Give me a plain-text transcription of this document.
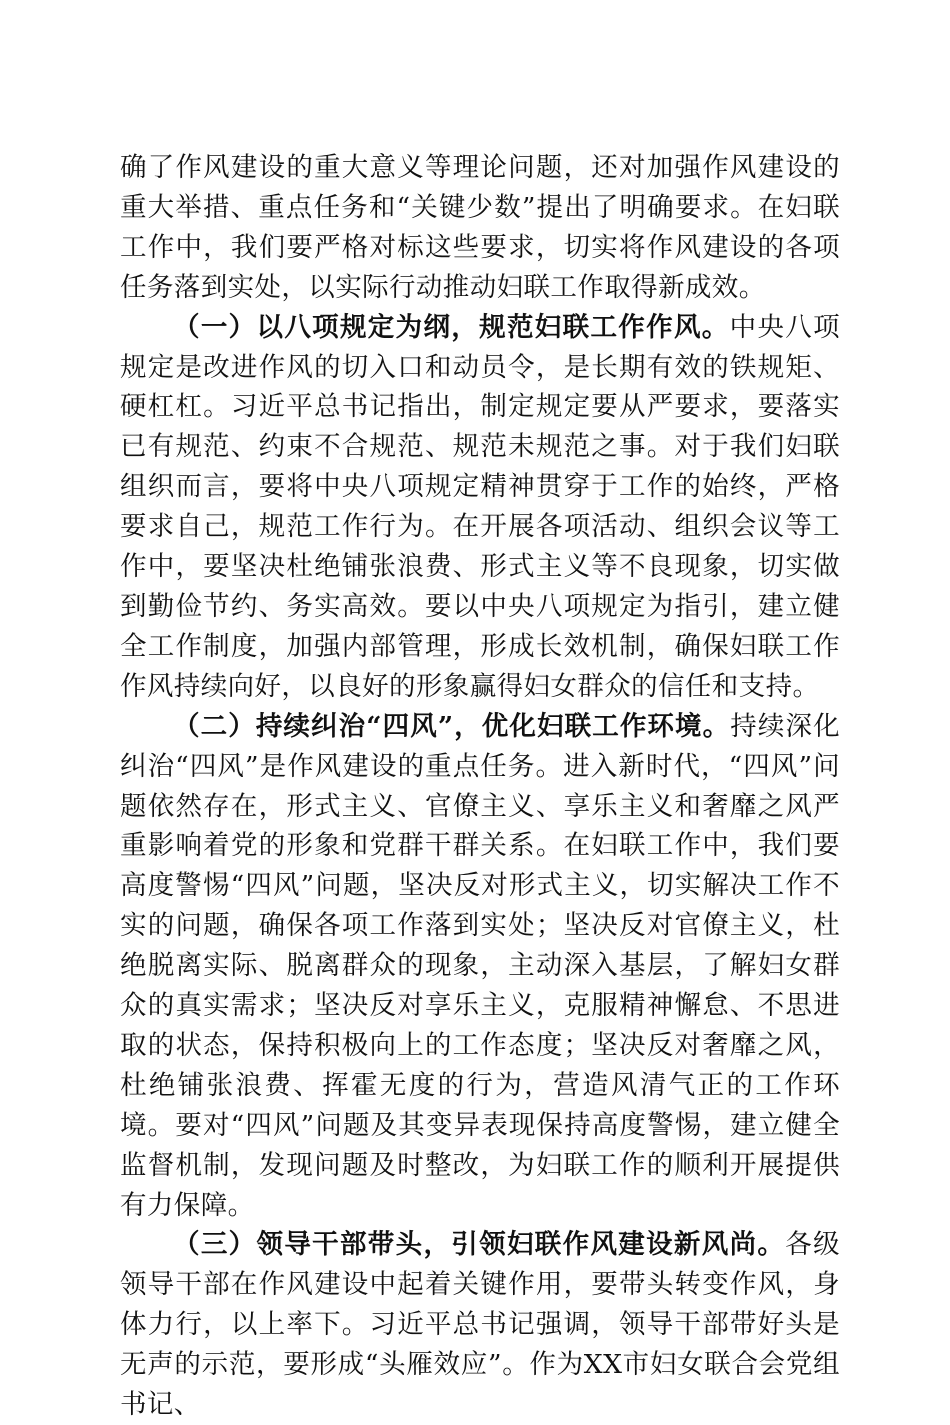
确了作风建设的重大意义等理论问题，还对加强作风建设的重大举措、重点任务和“关键少数”提出了明确要求。在妇联工作中，我们要严格对标这些要求，切实将作风建设的各项任务落到实处，以实际行动推动妇联工作取得新成效。

（一）以八项规定为纲，规范妇联工作作风。中央八项规定是改进作风的切入口和动员令，是长期有效的铁规矩、硬杠杠。习近平总书记指出，制定规定要从严要求，要落实已有规范、约束不合规范、规范未规范之事。对于我们妇联组织而言，要将中央八项规定精神贯穿于工作的始终，严格要求自己，规范工作行为。在开展各项活动、组织会议等工作中，要坚决杜绝铺张浪费、形式主义等不良现象，切实做到勤俭节约、务实高效。要以中央八项规定为指引，建立健全工作制度，加强内部管理，形成长效机制，确保妇联工作作风持续向好，以良好的形象赢得妇女群众的信任和支持。

（二）持续纠治“四风”，优化妇联工作环境。持续深化纠治“四风”是作风建设的重点任务。进入新时代，“四风”问题依然存在，形式主义、官僚主义、享乐主义和奢靡之风严重影响着党的形象和党群干群关系。在妇联工作中，我们要高度警惕“四风”问题，坚决反对形式主义，切实解决工作不实的问题，确保各项工作落到实处；坚决反对官僚主义，杜绝脱离实际、脱离群众的现象，主动深入基层，了解妇女群众的真实需求；坚决反对享乐主义，克服精神懈怠、不思进取的状态，保持积极向上的工作态度；坚决反对奢靡之风，杜绝铺张浪费、挥霍无度的行为，营造风清气正的工作环境。要对“四风”问题及其变异表现保持高度警惕，建立健全监督机制，发现问题及时整改，为妇联工作的顺利开展提供有力保障。

（三）领导干部带头，引领妇联作风建设新风尚。各级领导干部在作风建设中起着关键作用，要带头转变作风，身体力行，以上率下。习近平总书记强调，领导干部带好头是无声的示范，要形成“头雁效应”。作为XX市妇女联合会党组书记、
